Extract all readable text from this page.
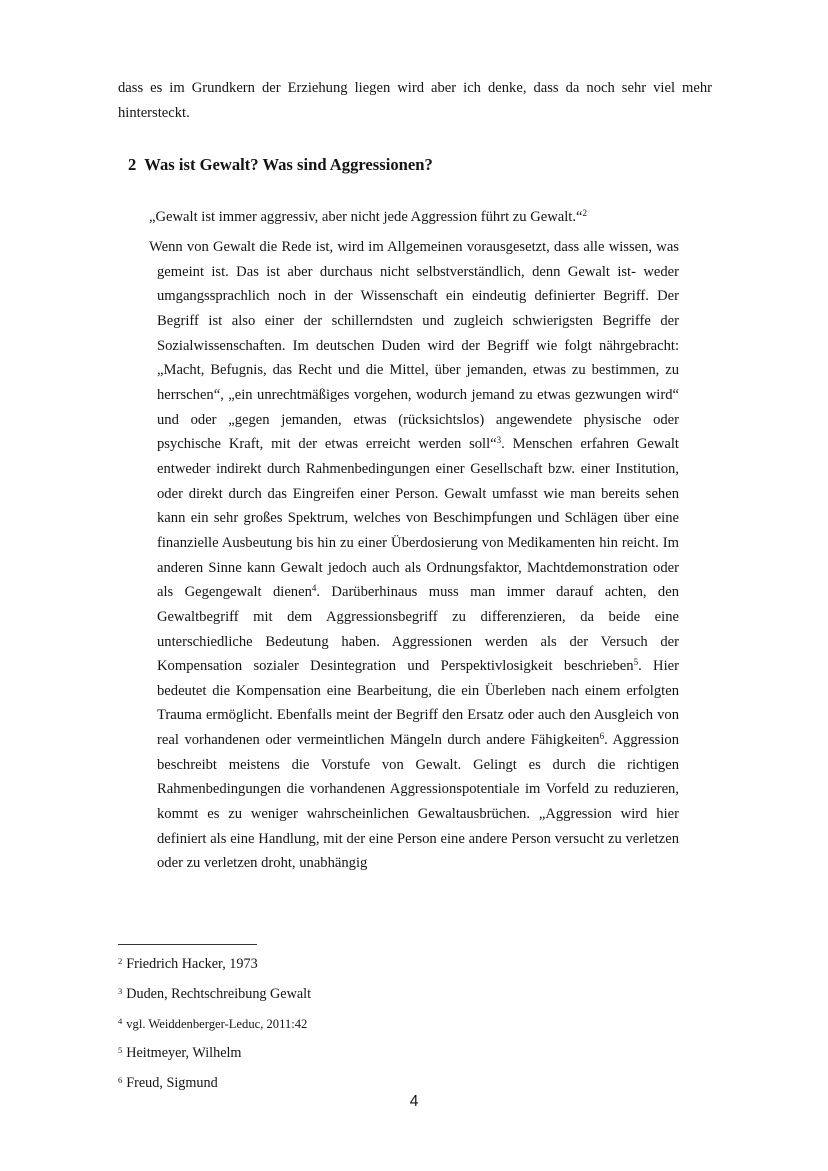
dass es im Grundkern der Erziehung liegen wird aber ich denke, dass da noch sehr viel mehr hintersteckt.

2 Was ist Gewalt? Was sind Aggressionen?

„Gewalt ist immer aggressiv, aber nicht jede Aggression führt zu Gewalt.“$^2$

Wenn von Gewalt die Rede ist, wird im Allgemeinen vorausgesetzt, dass alle wissen, was gemeint ist. Das ist aber durchaus nicht selbstverständlich, denn Gewalt ist- weder umgangssprachlich noch in der Wissenschaft ein eindeutig definierter Begriff. Der Begriff ist also einer der schillerndsten und zugleich schwierigsten Begriffe der Sozialwissenschaften. Im deutschen Duden wird der Begriff wie folgt nährgebracht: „Macht, Befugnis, das Recht und die Mittel, über jemanden, etwas zu bestimmen, zu herrschen“, „ein unrechtmäßiges vorgehen, wodurch jemand zu etwas gezwungen wird“ und oder „gegen jemanden, etwas (rücksichtslos) angewendete physische oder psychische Kraft, mit der etwas erreicht werden soll“$^3$. Menschen erfahren Gewalt entweder indirekt durch Rahmenbedingungen einer Gesellschaft bzw. einer Institution, oder direkt durch das Eingreifen einer Person. Gewalt umfasst wie man bereits sehen kann ein sehr großes Spektrum, welches von Beschimpfungen und Schlägen über eine finanzielle Ausbeutung bis hin zu einer Überdosierung von Medikamenten hin reicht. Im anderen Sinne kann Gewalt jedoch auch als Ordnungsfaktor, Machtdemonstration oder als Gegengewalt dienen$^4$. Darüberhinaus muss man immer darauf achten, den Gewaltbegriff mit dem Aggressionsbegriff zu differenzieren, da beide eine unterschiedliche Bedeutung haben. Aggressionen werden als der Versuch der Kompensation sozialer Desintegration und Perspektivlosigkeit beschrieben$^5$. Hier bedeutet die Kompensation eine Bearbeitung, die ein Überleben nach einem erfolgten Trauma ermöglicht. Ebenfalls meint der Begriff den Ersatz oder auch den Ausgleich von real vorhandenen oder vermeintlichen Mängeln durch andere Fähigkeiten$^6$. Aggression beschreibt meistens die Vorstufe von Gewalt. Gelingt es durch die richtigen Rahmenbedingungen die vorhandenen Aggressionspotentiale im Vorfeld zu reduzieren, kommt es zu weniger wahrscheinlichen Gewaltausbrüchen. „Aggression wird hier definiert als eine Handlung, mit der eine Person eine andere Person versucht zu verletzen oder zu verletzen droht, unabhängig

$^2$ Friedrich Hacker, 1973
$^3$ Duden, Rechtschreibung Gewalt
$^4$ vgl. Weiddenberger-Leduc, 2011:42
$^5$ Heitmeyer, Wilhelm
$^6$ Freud, Sigmund
4
